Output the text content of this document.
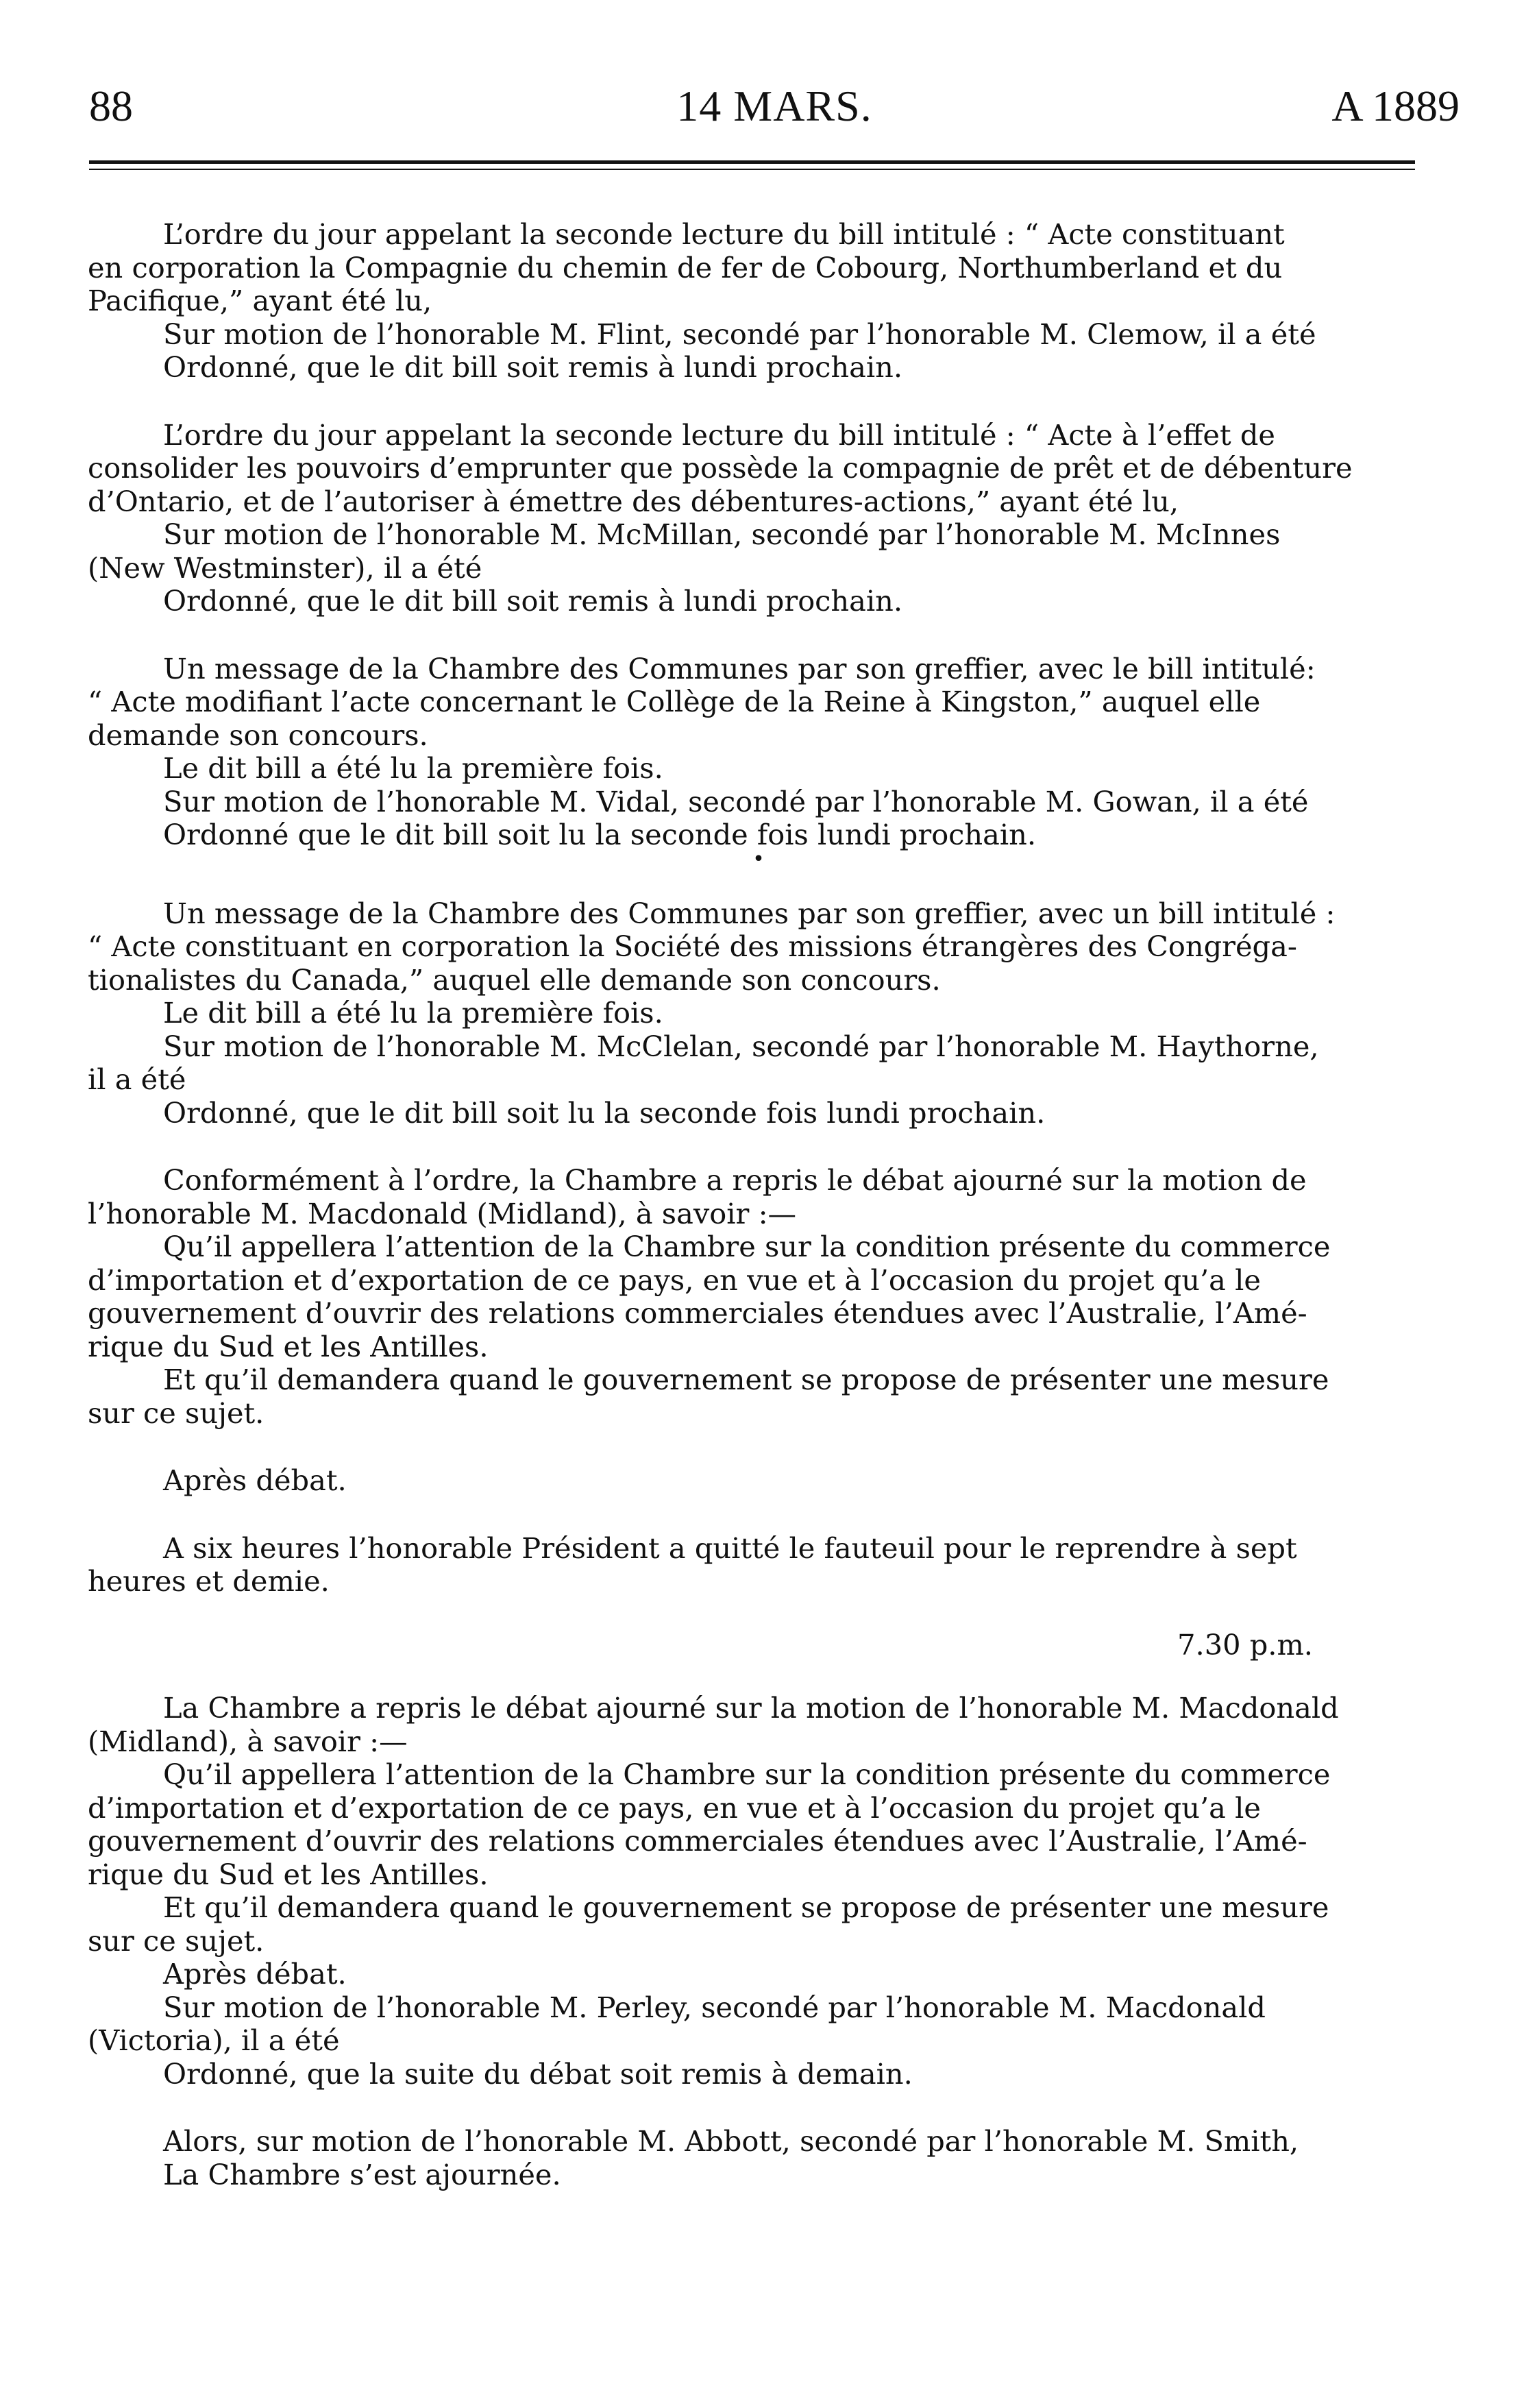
88	14 MARS.	A 1889
L’ordre du jour appelant la seconde lecture du bill intitulé : “ Acte constituant
en corporation la Compagnie du chemin de fer de Cobourg, Northumberland et du
Pacifique,” ayant été lu,
Sur motion de l’honorable M. Flint, secondé par l’honorable M. Clemow, il a été
Ordonné, que le dit bill soit remis à lundi prochain.
L’ordre du jour appelant la seconde lecture du bill intitulé : “ Acte à l’effet de
consolider les pouvoirs d’emprunter que possède la compagnie de prêt et de débenture
d’Ontario, et de l’autoriser à émettre des débentures-actions,” ayant été lu,
Sur motion de l’honorable M. McMillan, secondé par l’honorable M. McInnes
(New Westminster), il a été
Ordonné, que le dit bill soit remis à lundi prochain.
Un message de la Chambre des Communes par son greffier, avec le bill intitulé:
“ Acte modifiant l’acte concernant le Collège de la Reine à Kingston,” auquel elle
demande son concours.
Le dit bill a été lu la première fois.
Sur motion de l’honorable M. Vidal, secondé par l’honorable M. Gowan, il a été
Ordonné que le dit bill soit lu la seconde fois lundi prochain.
•
Un message de la Chambre des Communes par son greffier, avec un bill intitulé :
“ Acte constituant en corporation la Société des missions étrangères des Congréga-
tionalistes du Canada,” auquel elle demande son concours.
Le dit bill a été lu la première fois.
Sur motion de l’honorable M. McClelan, secondé par l’honorable M. Haythorne,
il a été
Ordonné, que le dit bill soit lu la seconde fois lundi prochain.
Conformément à l’ordre, la Chambre a repris le débat ajourné sur la motion de
l’honorable M. Macdonald (Midland), à savoir :—
Qu’il appellera l’attention de la Chambre sur la condition présente du commerce
d’importation et d’exportation de ce pays, en vue et à l’occasion du projet qu’a le
gouvernement d’ouvrir des relations commerciales étendues avec l’Australie, l’Amé-
rique du Sud et les Antilles.
Et qu’il demandera quand le gouvernement se propose de présenter une mesure
sur ce sujet.
Après débat.
A six heures l’honorable Président a quitté le fauteuil pour le reprendre à sept
heures et demie.
7.30 p.m.
La Chambre a repris le débat ajourné sur la motion de l’honorable M. Macdonald
(Midland), à savoir :—
Qu’il appellera l’attention de la Chambre sur la condition présente du commerce
d’importation et d’exportation de ce pays, en vue et à l’occasion du projet qu’a le
gouvernement d’ouvrir des relations commerciales étendues avec l’Australie, l’Amé-
rique du Sud et les Antilles.
Et qu’il demandera quand le gouvernement se propose de présenter une mesure
sur ce sujet.
Après débat.
Sur motion de l’honorable M. Perley, secondé par l’honorable M. Macdonald
(Victoria), il a été
Ordonné, que la suite du débat soit remis à demain.
Alors, sur motion de l’honorable M. Abbott, secondé par l’honorable M. Smith,
La Chambre s’est ajournée.
